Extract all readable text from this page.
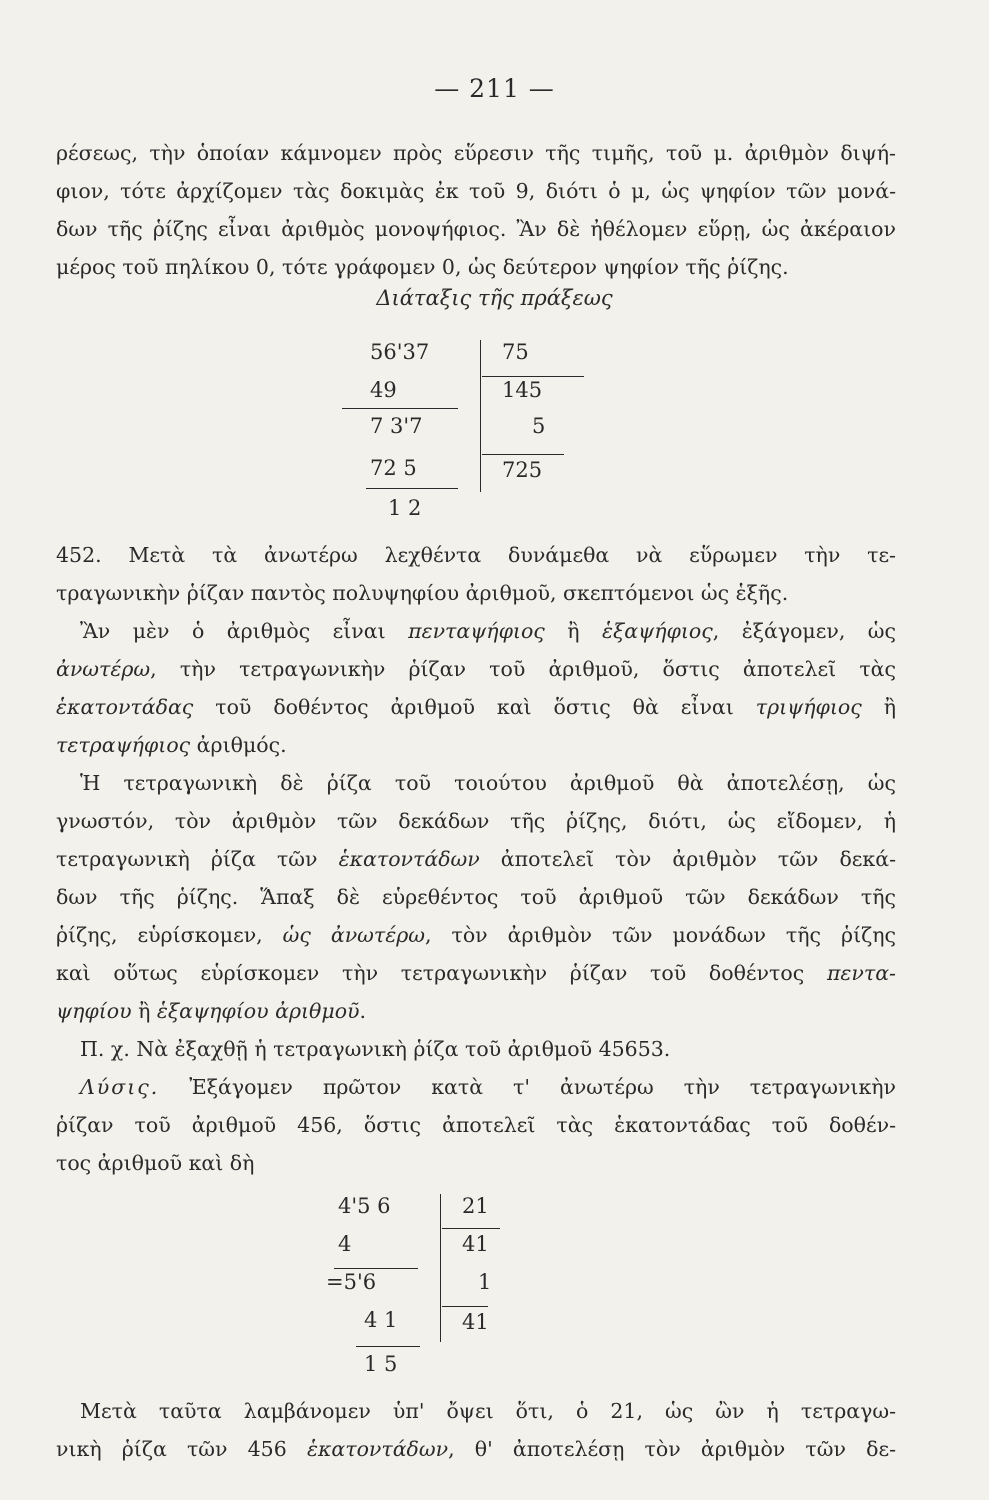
— 211 —

ρέσεως, τὴν ὁποίαν κάμνομεν πρὸς εὕρεσιν τῆς τιμῆς, τοῦ μ. ἀριθμὸν διψή-

φιον, τότε ἀρχίζομεν τὰς δοκιμὰς ἐκ τοῦ 9, διότι ὁ μ, ὡς ψηφίον τῶν μονά-

δων τῆς ῥίζης εἶναι ἀριθμὸς μονοψήφιος. Ἂν δὲ ἠθέλομεν εὕρῃ, ὡς ἀκέραιον

μέρος τοῦ πηλίκου 0, τότε γράφομεν 0, ὡς δεύτερον ψηφίον τῆς ῥίζης.

Διάταξις τῆς πράξεως
56'37
49
7 3'7
72 5
1 2
75
145
5
725

452. Μετὰ τὰ ἀνωτέρω λεχθέντα δυνάμεθα νὰ εὕρωμεν τὴν τε-

τραγωνικὴν ῥίζαν παντὸς πολυψηφίου ἀριθμοῦ, σκεπτόμενοι ὡς ἑξῆς.

Ἂν μὲν ὁ ἀριθμὸς εἶναι πενταψήφιος ἢ ἑξαψήφιος, ἐξάγομεν, ὡς

ἀνωτέρω, τὴν τετραγωνικὴν ῥίζαν τοῦ ἀριθμοῦ, ὅστις ἀποτελεῖ τὰς

ἑκατοντάδας τοῦ δοθέντος ἀριθμοῦ καὶ ὅστις θὰ εἶναι τριψήφιος ἢ

τετραψήφιος ἀριθμός.

Ἡ τετραγωνικὴ δὲ ῥίζα τοῦ τοιούτου ἀριθμοῦ θὰ ἀποτελέσῃ, ὡς

γνωστόν, τὸν ἀριθμὸν τῶν δεκάδων τῆς ῥίζης, διότι, ὡς εἴδομεν, ἡ

τετραγωνικὴ ῥίζα τῶν ἑκατοντάδων ἀποτελεῖ τὸν ἀριθμὸν τῶν δεκά-

δων τῆς ῥίζης. Ἅπαξ δὲ εὑρεθέντος τοῦ ἀριθμοῦ τῶν δεκάδων τῆς

ῥίζης, εὑρίσκομεν, ὡς ἀνωτέρω, τὸν ἀριθμὸν τῶν μονάδων τῆς ῥίζης

καὶ οὕτως εὑρίσκομεν τὴν τετραγωνικὴν ῥίζαν τοῦ δοθέντος πεντα-

ψηφίου ἢ ἑξαψηφίου ἀριθμοῦ.

Π. χ. Νὰ ἐξαχθῇ ἡ τετραγωνικὴ ῥίζα τοῦ ἀριθμοῦ 45653.

Λύσις. Ἐξάγομεν πρῶτον κατὰ τ' ἀνωτέρω τὴν τετραγωνικὴν

ῥίζαν τοῦ ἀριθμοῦ 456, ὅστις ἀποτελεῖ τὰς ἑκατοντάδας τοῦ δοθέν-

τος ἀριθμοῦ καὶ δὴ

4'5 6
4
=5'6
4 1
1 5
21
41
1
41

Μετὰ ταῦτα λαμβάνομεν ὑπ' ὄψει ὅτι, ὁ 21, ὡς ὢν ἡ τετραγω-

νικὴ ῥίζα τῶν 456 ἑκατοντάδων, θ' ἀποτελέσῃ τὸν ἀριθμὸν τῶν δε-
